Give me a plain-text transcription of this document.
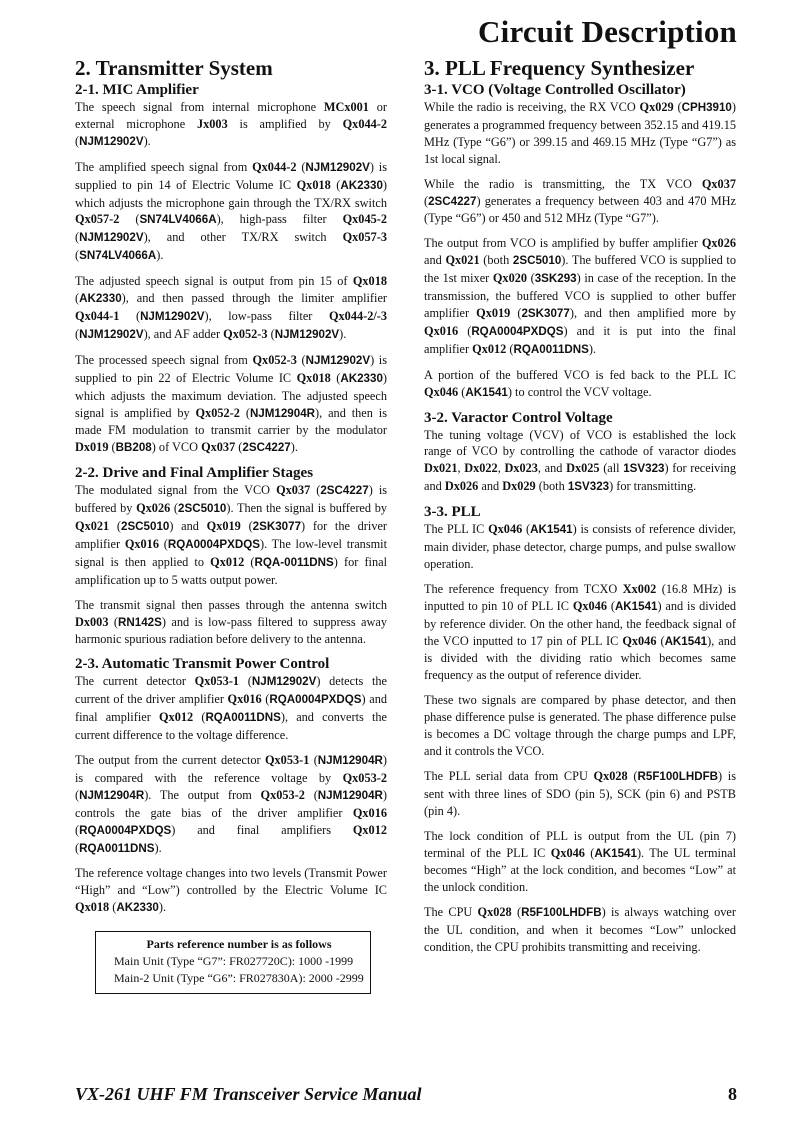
Circuit Description
2. Transmitter System
2-1. MIC Amplifier

The speech signal from internal microphone MCx001 or external microphone Jx003 is amplified by Qx044-2 (NJM12902V).

The amplified speech signal from Qx044-2 (NJM12902V) is supplied to pin 14 of Electric Volume IC Qx018 (AK2330) which adjusts the microphone gain through the TX/RX switch Qx057-2 (SN74LV4066A), high-pass filter Qx045-2 (NJM12902V), and other TX/RX switch Qx057-3 (SN74LV4066A).

The adjusted speech signal is output from pin 15 of Qx018 (AK2330), and then passed through the limiter amplifier Qx044-1 (NJM12902V), low-pass filter Qx044-2/-3 (NJM12902V), and AF adder Qx052-3 (NJM12902V).

The processed speech signal from Qx052-3 (NJM12902V) is supplied to pin 22 of Electric Volume IC Qx018 (AK2330) which adjusts the maximum deviation. The adjusted speech signal is amplified by Qx052-2 (NJM12904R), and then is made FM modulation to transmit carrier by the modulator Dx019 (BB208) of VCO Qx037 (2SC4227).

2-2. Drive and Final Amplifier Stages

The modulated signal from the VCO Qx037 (2SC4227) is buffered by Qx026 (2SC5010). Then the signal is buffered by Qx021 (2SC5010) and Qx019 (2SK3077) for the driver amplifier Qx016 (RQA0004PXDQS). The low-level transmit signal is then applied to Qx012 (RQA-0011DNS) for final amplification up to 5 watts output power.

The transmit signal then passes through the antenna switch Dx003 (RN142S) and is low-pass filtered to suppress away harmonic spurious radiation before delivery to the antenna.

2-3. Automatic Transmit Power Control

The current detector Qx053-1 (NJM12902V) detects the current of the driver amplifier Qx016 (RQA0004PXDQS) and final amplifier Qx012 (RQA0011DNS), and converts the current difference to the voltage difference.

The output from the current detector Qx053-1 (NJM12904R) is compared with the reference voltage by Qx053-2 (NJM12904R). The output from Qx053-2 (NJM12904R) controls the gate bias of the driver amplifier Qx016 (RQA0004PXDQS) and final amplifiers Qx012 (RQA0011DNS).

The reference voltage changes into two levels (Transmit Power “High” and “Low”) controlled by the Electric Volume IC Qx018 (AK2330).

Parts reference number is as follows
Main Unit (Type “G7”: FR027720C): 1000 -1999
Main-2 Unit (Type “G6”: FR027830A): 2000 -2999
3. PLL Frequency Synthesizer
3-1. VCO (Voltage Controlled Oscillator)

While the radio is receiving, the RX VCO Qx029 (CPH3910) generates a programmed frequency between 352.15 and 419.15 MHz (Type “G6”) or 399.15 and 469.15 MHz (Type “G7”) as 1st local signal.

While the radio is transmitting, the TX VCO Qx037 (2SC4227) generates a frequency between 403 and 470 MHz (Type “G6”) or 450 and 512 MHz (Type “G7”).

The output from VCO is amplified by buffer amplifier Qx026 and Qx021 (both 2SC5010). The buffered VCO is supplied to the 1st mixer Qx020 (3SK293) in case of the reception. In the transmission, the buffered VCO is supplied to other buffer amplifier Qx019 (2SK3077), and then amplified more by Qx016 (RQA0004PXDQS) and it is put into the final amplifier Qx012 (RQA0011DNS).

A portion of the buffered VCO is fed back to the PLL IC Qx046 (AK1541) to control the VCV voltage.

3-2. Varactor Control Voltage

The tuning voltage (VCV) of VCO is established the lock range of VCO by controlling the cathode of varactor diodes Dx021, Dx022, Dx023, and Dx025 (all 1SV323) for receiving and Dx026 and Dx029 (both 1SV323) for transmitting.

3-3. PLL

The PLL IC Qx046 (AK1541) is consists of reference divider, main divider, phase detector, charge pumps, and pulse swallow operation.

The reference frequency from TCXO Xx002 (16.8 MHz) is inputted to pin 10 of PLL IC Qx046 (AK1541) and is divided by reference divider. On the other hand, the feedback signal of the VCO inputted to 17 pin of PLL IC Qx046 (AK1541), and is divided with the dividing ratio which becomes same frequency as the output of reference divider.

These two signals are compared by phase detector, and then phase difference pulse is generated. The phase difference pulse is becomes a DC voltage through the charge pumps and LPF, and it controls the VCO.

The PLL serial data from CPU Qx028 (R5F100LHDFB) is sent with three lines of SDO (pin 5), SCK (pin 6) and PSTB (pin 4).

The lock condition of PLL is output from the UL (pin 7) terminal of the PLL IC Qx046 (AK1541). The UL terminal becomes “High” at the lock condition, and becomes “Low” at the unlock condition.

The CPU Qx028 (R5F100LHDFB) is always watching over the UL condition, and when it becomes “Low” unlocked condition, the CPU prohibits transmitting and receiving.

VX-261 UHF FM Transceiver Service Manual	8
